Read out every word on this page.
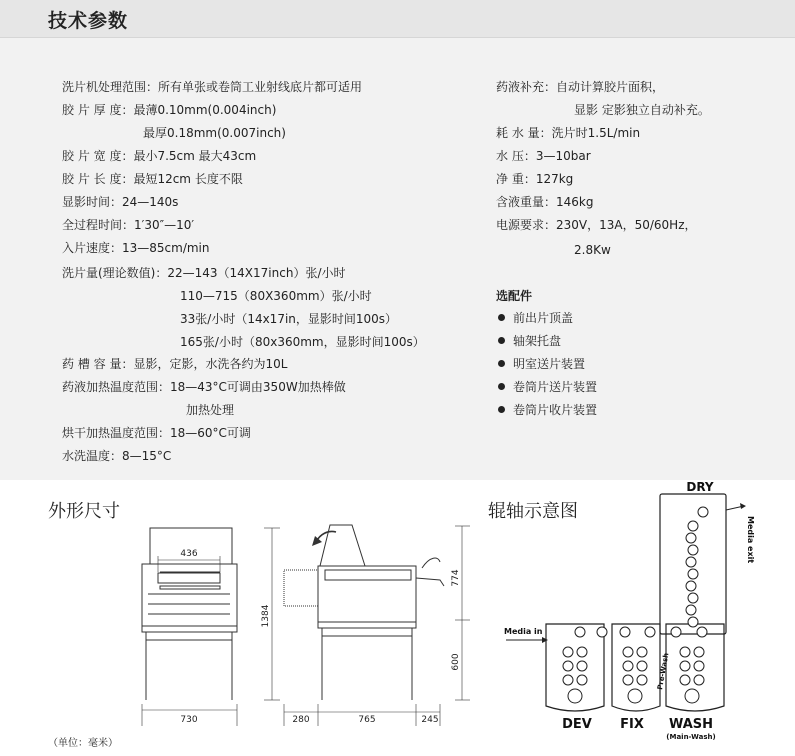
技术参数
洗片机处理范围：所有单张或卷筒工业射线底片都可适用
胶 片 厚 度：最薄0.10mm(0.004inch)
最厚0.18mm(0.007inch)
胶 片 宽 度：最小7.5cm 最大43cm
胶 片 长 度：最短12cm 长度不限
显影时间：24—140s
全过程时间：1′30″—10′
入片速度：13—85cm/min
洗片量(理论数值)：22—143（14X17inch）张/小时
110—715（80X360mm）张/小时
33张/小时（14x17in，显影时间100s）
165张/小时（80x360mm，显影时间100s）
药 槽 容 量：显影，定影，水洗各约为10L
药液加热温度范围：18—43°C可调由350W加热棒做
加热处理
烘干加热温度范围：18—60°C可调
水洗温度：8—15°C
药液补充：自动计算胶片面积，
显影 定影独立自动补充。
耗 水 量：洗片时1.5L/min
水 压：3—10bar
净 重：127kg
含液重量：146kg
电源要求：230V，13A，50/60Hz，
2.8Kw
选配件
前出片顶盖
轴架托盘
明室送片装置
卷筒片送片装置
卷筒片收片装置
外形尺寸	辊轴示意图
（单位：毫米）
436
730
1384
280	765	245
774
600
DRY
Media in
Media exit
Pre-Wash
DEV FIX WASH
(Main-Wash)
